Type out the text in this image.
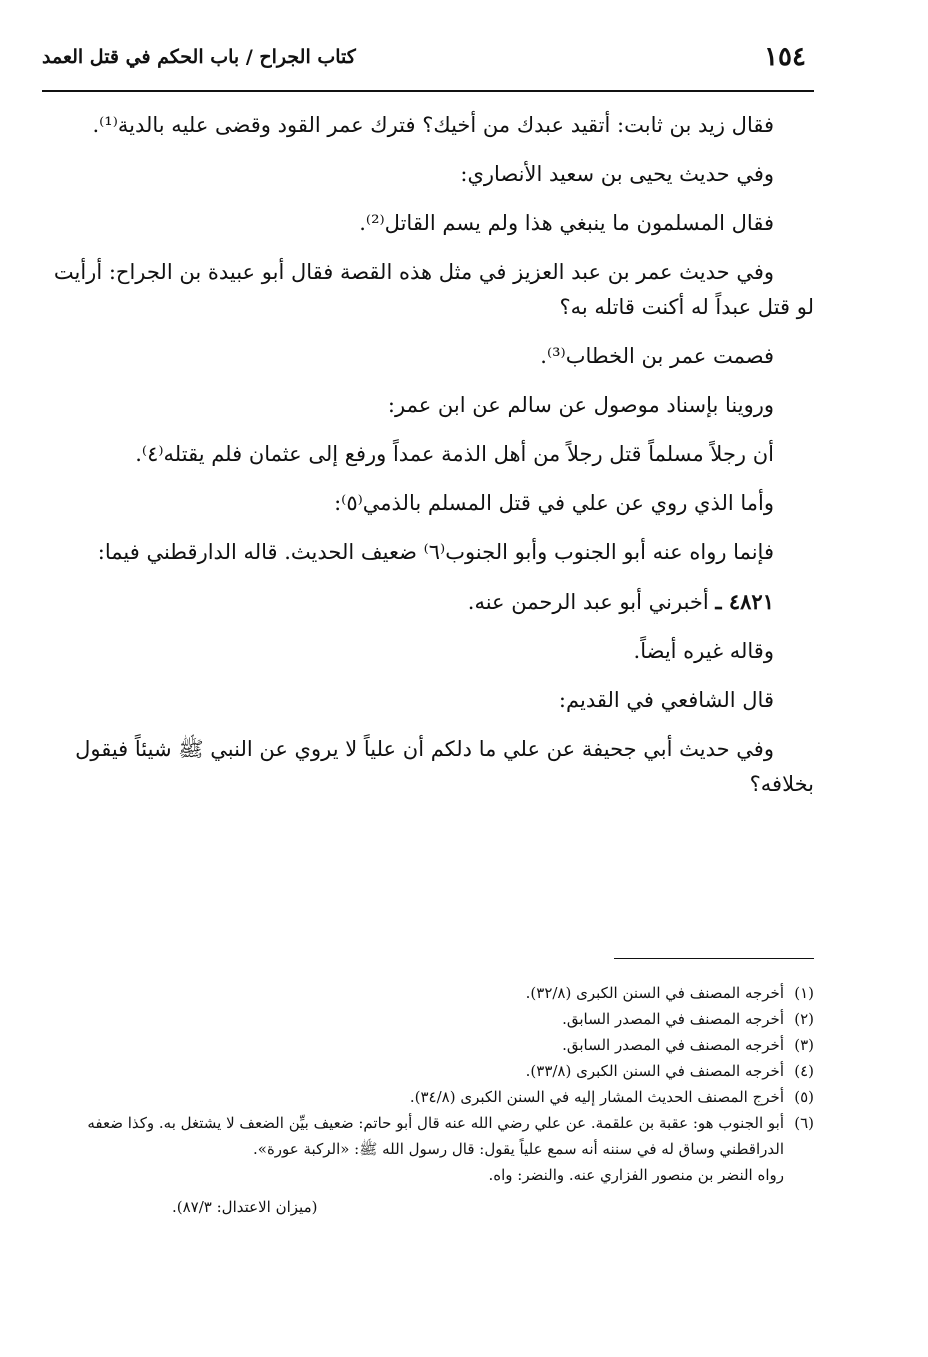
١٥٤
كتاب الجراح / باب الحكم في قتل العمد

فقال زيد بن ثابت: أتقيد عبدك من أخيك؟ فترك عمر القود وقضى عليه بالدية⁽¹⁾.

وفي حديث يحيى بن سعيد الأنصاري:

فقال المسلمون ما ينبغي هذا ولم يسم القاتل⁽²⁾.

وفي حديث عمر بن عبد العزيز في مثل هذه القصة فقال أبو عبيدة بن الجراح: أرأيت لو قتل عبداً له أكنت قاتله به؟

فصمت عمر بن الخطاب⁽³⁾.

وروينا بإسناد موصول عن سالم عن ابن عمر:

أن رجلاً مسلماً قتل رجلاً من أهل الذمة عمداً ورفع إلى عثمان فلم يقتله⁽٤⁾.

وأما الذي روي عن علي في قتل المسلم بالذمي⁽٥⁾:

فإنما رواه عنه أبو الجنوب وأبو الجنوب⁽٦⁾ ضعيف الحديث. قاله الدارقطني فيما:

٤٨٢١ ـ أخبرني أبو عبد الرحمن عنه.

وقاله غيره أيضاً.

قال الشافعي في القديم:

وفي حديث أبي جحيفة عن علي ما دلكم أن علياً لا يروي عن النبي ﷺ شيئاً فيقول بخلافه؟

(١)
أخرجه المصنف في السنن الكبرى (٣٢/٨).

(٢)
أخرجه المصنف في المصدر السابق.

(٣)
أخرجه المصنف في المصدر السابق.

(٤)
أخرجه المصنف في السنن الكبرى (٣٣/٨).

(٥)
أخرج المصنف الحديث المشار إليه في السنن الكبرى (٣٤/٨).

(٦)
أبو الجنوب هو: عقبة بن علقمة. عن علي رضي الله عنه قال أبو حاتم: ضعيف بيِّن الضعف لا يشتغل به. وكذا ضعفه الدراقطني وساق له في سننه أنه سمع علياً يقول: قال رسول الله ﷺ: «الركبة عورة».

رواه النضر بن منصور الفزاري عنه. والنضر: واه.

(ميزان الاعتدال: ٨٧/٣).
